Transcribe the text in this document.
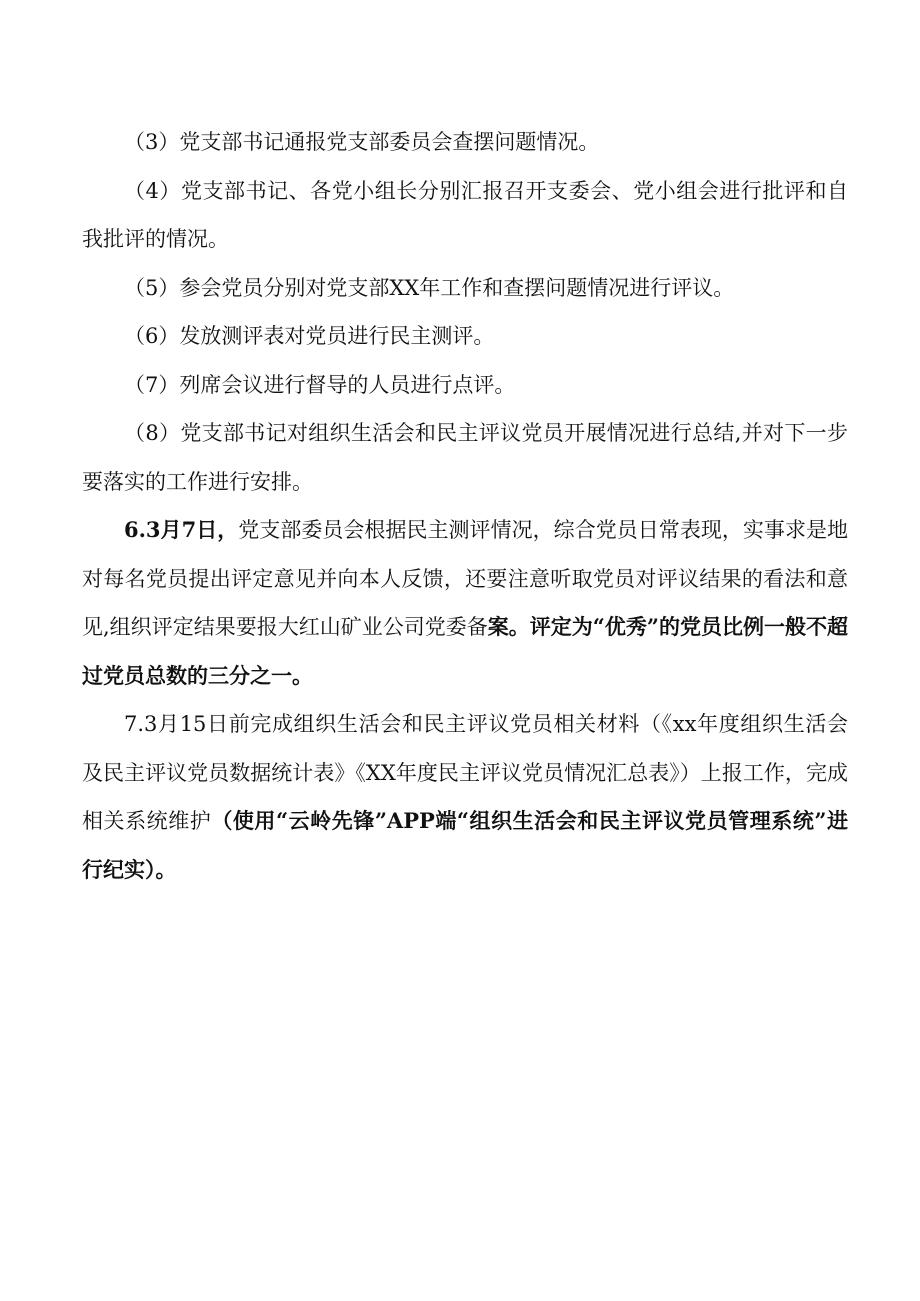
（3）党支部书记通报党支部委员会查摆问题情况。

（4）党支部书记、各党小组长分别汇报召开支委会、党小组会进行批评和自我批评的情况。

（5）参会党员分别对党支部XX年工作和查摆问题情况进行评议。

（6）发放测评表对党员进行民主测评。

（7）列席会议进行督导的人员进行点评。

（8）党支部书记对组织生活会和民主评议党员开展情况进行总结,并对下一步要落实的工作进行安排。

6.3月7日，党支部委员会根据民主测评情况，综合党员日常表现，实事求是地对每名党员提出评定意见并向本人反馈，还要注意听取党员对评议结果的看法和意见,组织评定结果要报大红山矿业公司党委备案。评定为“优秀”的党员比例一般不超过党员总数的三分之一。

7.3月15日前完成组织生活会和民主评议党员相关材料（《xx年度组织生活会及民主评议党员数据统计表》《XX年度民主评议党员情况汇总表》）上报工作，完成相关系统维护（使用“云岭先锋”APP端“组织生活会和民主评议党员管理系统”进行纪实）。
